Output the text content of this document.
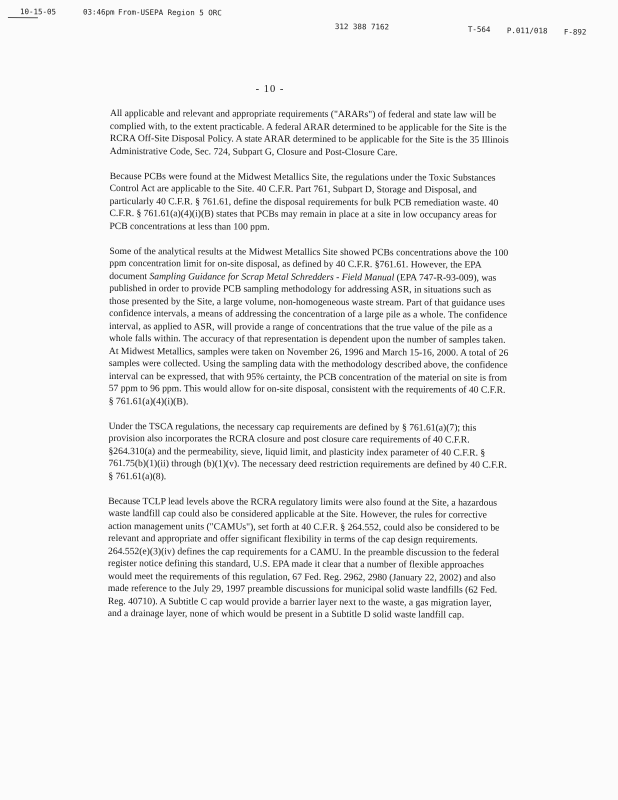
10-15-05	03:46pm From-USEPA Region 5 ORC
312 388 7162	T-564 P.011/018 F-892
- 10 -

All applicable and relevant and appropriate requirements ("ARARs") of federal and state law will be complied with, to the extent practicable. A federal ARAR determined to be applicable for the Site is the RCRA Off-Site Disposal Policy. A state ARAR determined to be applicable for the Site is the 35 Illinois Administrative Code, Sec. 724, Subpart G, Closure and Post-Closure Care.

Because PCBs were found at the Midwest Metallics Site, the regulations under the Toxic Substances Control Act are applicable to the Site. 40 C.F.R. Part 761, Subpart D, Storage and Disposal, and particularly 40 C.F.R. § 761.61, define the disposal requirements for bulk PCB remediation waste. 40 C.F.R. § 761.61(a)(4)(i)(B) states that PCBs may remain in place at a site in low occupancy areas for PCB concentrations at less than 100 ppm.

Some of the analytical results at the Midwest Metallics Site showed PCBs concentrations above the 100 ppm concentration limit for on-site disposal, as defined by 40 C.F.R. §761.61. However, the EPA document Sampling Guidance for Scrap Metal Schredders - Field Manual (EPA 747-R-93-009), was published in order to provide PCB sampling methodology for addressing ASR, in situations such as those presented by the Site, a large volume, non-homogeneous waste stream. Part of that guidance uses confidence intervals, a means of addressing the concentration of a large pile as a whole. The confidence interval, as applied to ASR, will provide a range of concentrations that the true value of the pile as a whole falls within. The accuracy of that representation is dependent upon the number of samples taken. At Midwest Metallics, samples were taken on November 26, 1996 and March 15-16, 2000. A total of 26 samples were collected. Using the sampling data with the methodology described above, the confidence interval can be expressed, that with 95% certainty, the PCB concentration of the material on site is from 57 ppm to 96 ppm. This would allow for on-site disposal, consistent with the requirements of 40 C.F.R. § 761.61(a)(4)(i)(B).

Under the TSCA regulations, the necessary cap requirements are defined by § 761.61(a)(7); this provision also incorporates the RCRA closure and post closure care requirements of 40 C.F.R. §264.310(a) and the permeability, sieve, liquid limit, and plasticity index parameter of 40 C.F.R. § 761.75(b)(1)(ii) through (b)(1)(v). The necessary deed restriction requirements are defined by 40 C.F.R. § 761.61(a)(8).

Because TCLP lead levels above the RCRA regulatory limits were also found at the Site, a hazardous waste landfill cap could also be considered applicable at the Site. However, the rules for corrective action management units ("CAMUs"), set forth at 40 C.F.R. § 264.552, could also be considered to be relevant and appropriate and offer significant flexibility in terms of the cap design requirements. 264.552(e)(3)(iv) defines the cap requirements for a CAMU. In the preamble discussion to the federal register notice defining this standard, U.S. EPA made it clear that a number of flexible approaches would meet the requirements of this regulation, 67 Fed. Reg. 2962, 2980 (January 22, 2002) and also made reference to the July 29, 1997 preamble discussions for municipal solid waste landfills (62 Fed. Reg. 40710). A Subtitle C cap would provide a barrier layer next to the waste, a gas migration layer, and a drainage layer, none of which would be present in a Subtitle D solid waste landfill cap.
